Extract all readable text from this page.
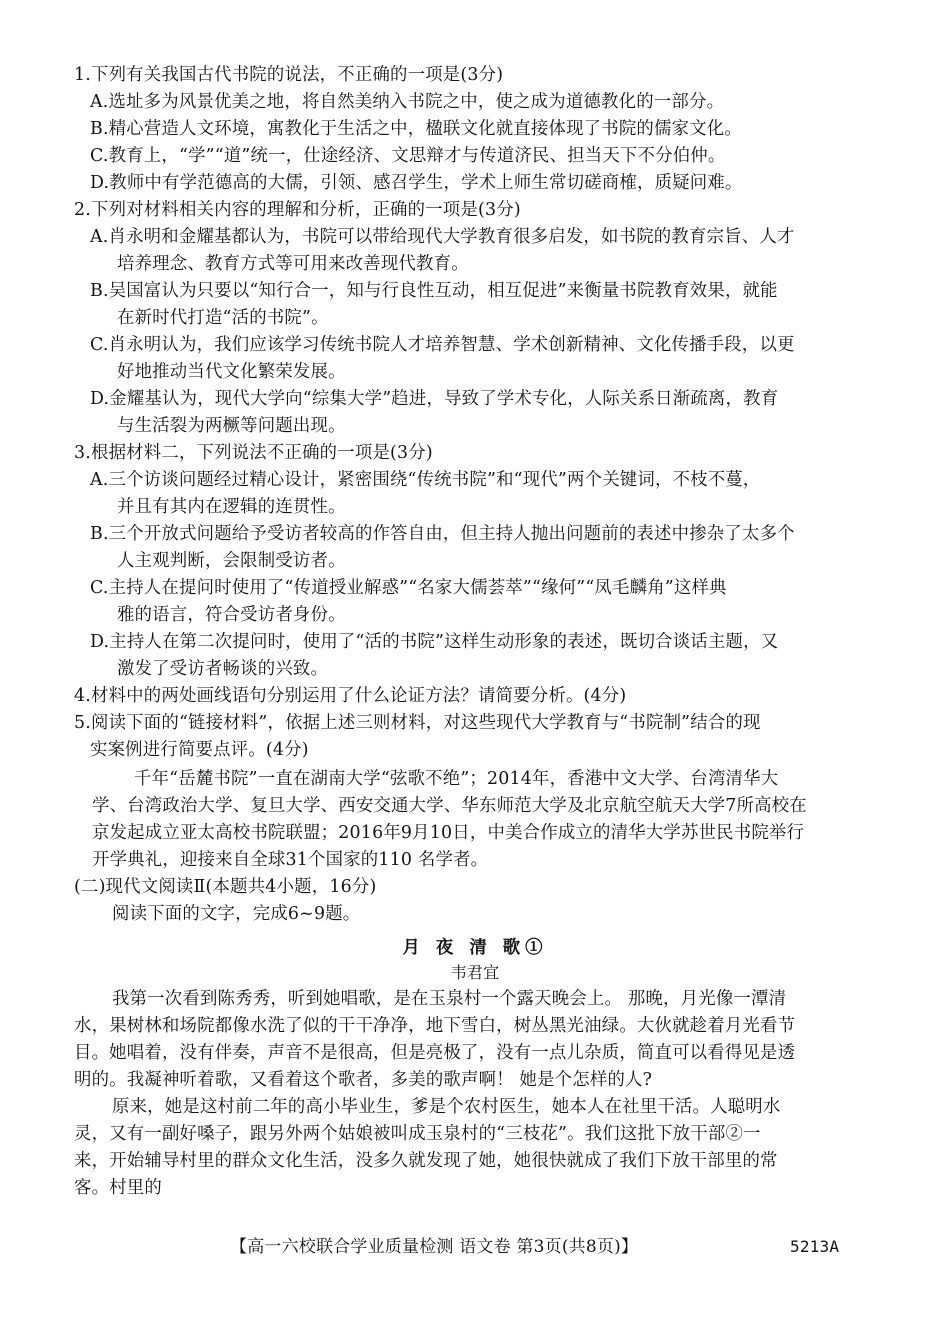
1.下列有关我国古代书院的说法，不正确的一项是(3分)
A.选址多为风景优美之地，将自然美纳入书院之中，使之成为道德教化的一部分。
B.精心营造人文环境，寓教化于生活之中，楹联文化就直接体现了书院的儒家文化。
C.教育上，“学”“道”统一，仕途经济、文思辩才与传道济民、担当天下不分伯仲。
D.教师中有学范德高的大儒，引领、感召学生，学术上师生常切磋商榷，质疑问难。
2.下列对材料相关内容的理解和分析，正确的一项是(3分)
A.肖永明和金耀基都认为，书院可以带给现代大学教育很多启发，如书院的教育宗旨、人才
培养理念、教育方式等可用来改善现代教育。
B.吴国富认为只要以“知行合一，知与行良性互动，相互促进”来衡量书院教育效果，就能
在新时代打造“活的书院”。
C.肖永明认为，我们应该学习传统书院人才培养智慧、学术创新精神、文化传播手段，以更
好地推动当代文化繁荣发展。
D.金耀基认为，现代大学向“综集大学”趋进，导致了学术专化，人际关系日渐疏离，教育
与生活裂为两橛等问题出现。
3.根据材料二，下列说法不正确的一项是(3分)
A.三个访谈问题经过精心设计，紧密围绕“传统书院”和“现代”两个关键词，不枝不蔓，
并且有其内在逻辑的连贯性。
B.三个开放式问题给予受访者较高的作答自由，但主持人抛出问题前的表述中掺杂了太多个
人主观判断，会限制受访者。
C.主持人在提问时使用了“传道授业解惑”“名家大儒荟萃”“缘何”“凤毛麟角”这样典
雅的语言，符合受访者身份。
D.主持人在第二次提问时，使用了“活的书院”这样生动形象的表述，既切合谈话主题，又
激发了受访者畅谈的兴致。
4.材料中的两处画线语句分别运用了什么论证方法？请简要分析。(4分)
5.阅读下面的“链接材料”，依据上述三则材料，对这些现代大学教育与“书院制”结合的现
实案例进行简要点评。(4分)
千年“岳麓书院”一直在湖南大学“弦歌不绝”；2014年，香港中文大学、台湾清华大
学、台湾政治大学、复旦大学、西安交通大学、华东师范大学及北京航空航天大学7所高校在
京发起成立亚太高校书院联盟；2016年9月10日，中美合作成立的清华大学苏世民书院举行
开学典礼，迎接来自全球31个国家的110 名学者。
(二)现代文阅读Ⅱ(本题共4小题，16分)
阅读下面的文字，完成6~9题。
月 夜 清 歌①
韦君宜
我第一次看到陈秀秀，听到她唱歌，是在玉泉村一个露天晚会上。 那晚，月光像一潭清
水，果树林和场院都像水洗了似的干干净净，地下雪白，树丛黑光油绿。大伙就趁着月光看节
目。她唱着，没有伴奏，声音不是很高，但是亮极了，没有一点儿杂质，简直可以看得见是透
明的。我凝神听着歌，又看着这个歌者，多美的歌声啊！ 她是个怎样的人?
原来，她是这村前二年的高小毕业生，爹是个农村医生，她本人在社里干活。人聪明水
灵，又有一副好嗓子，跟另外两个姑娘被叫成玉泉村的“三枝花”。我们这批下放干部②一
来，开始辅导村里的群众文化生活，没多久就发现了她，她很快就成了我们下放干部里的常
客。村里的
【高一六校联合学业质量检测 语文卷 第3页(共8页)】	5213A
